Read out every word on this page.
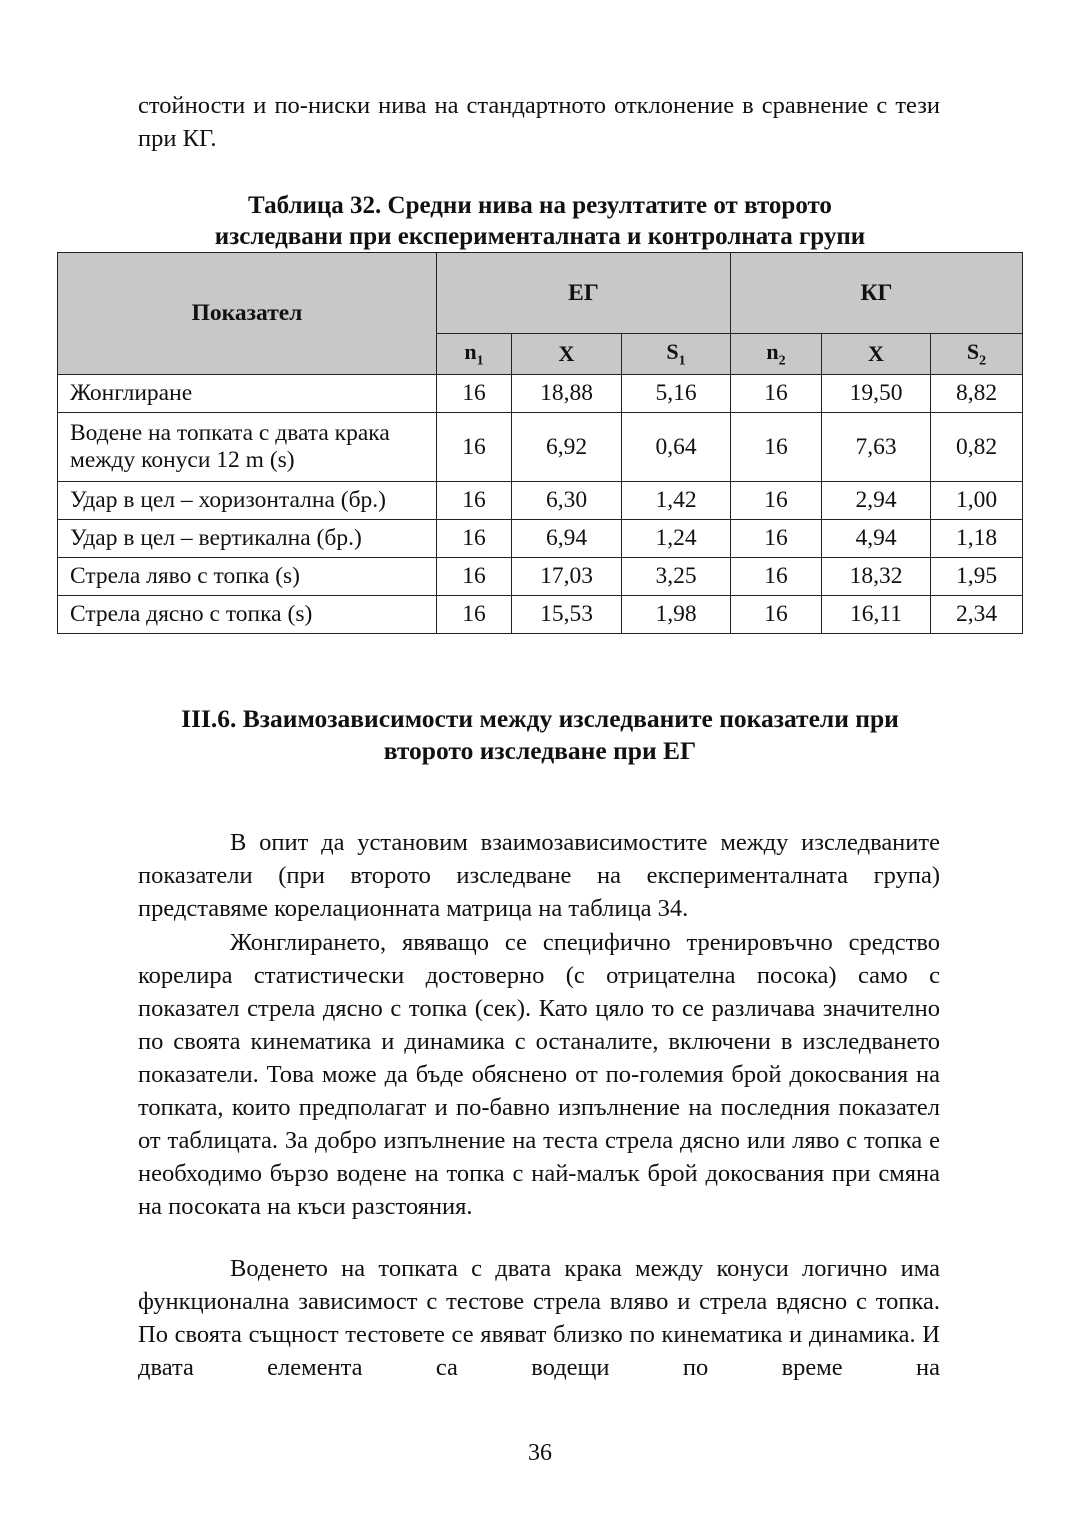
стойности и по-ниски нива на стандартното отклонение в сравнение с тези при КГ.

Таблица 32. Средни нива на резултатите от второто
изследвани при експерименталната и контролната групи
Показател	ЕГ			КГ		
	$n_1$	X	$S_1$	$n_2$	X	$S_2$
Жонглиране	16	18,88	5,16	16	19,50	8,82
Водене на топката с двата крака между конуси 12 m (s)	16	6,92	0,64	16	7,63	0,82
Удар в цел – хоризонтална (бр.)	16	6,30	1,42	16	2,94	1,00
Удар в цел – вертикална (бр.)	16	6,94	1,24	16	4,94	1,18
Стрела ляво с топка (s)	16	17,03	3,25	16	18,32	1,95
Стрела дясно с топка (s)	16	15,53	1,98	16	16,11	2,34
III.6. Взаимозависимости между изследваните показатели при
второто изследване при ЕГ

В опит да установим взаимозависимостите между изследваните показатели (при второто изследване на експерименталната група) представяме корелационната матрица на таблица 34.

Жонглирането, явяващо се специфично тренировъчно средство корелира статистически достоверно (с отрицателна посока) само с показател стрела дясно с топка (сек). Като цяло то се различава значително по своята кинематика и динамика с останалите, включени в изследването показатели. Това може да бъде обяснено от по-големия брой докосвания на топката, които предполагат и по-бавно изпълнение на последния показател от таблицата. За добро изпълнение на теста стрела дясно или ляво с топка е необходимо бързо водене на топка с най-малък брой докосвания при смяна на посоката на къси разстояния.

Воденето на топката с двата крака между конуси логично има функционална зависимост с тестове стрела вляво и стрела вдясно с топка. По своята същност тестовете се явяват близко по кинематика и динамика. И двата елемента са водещи по време на

36
